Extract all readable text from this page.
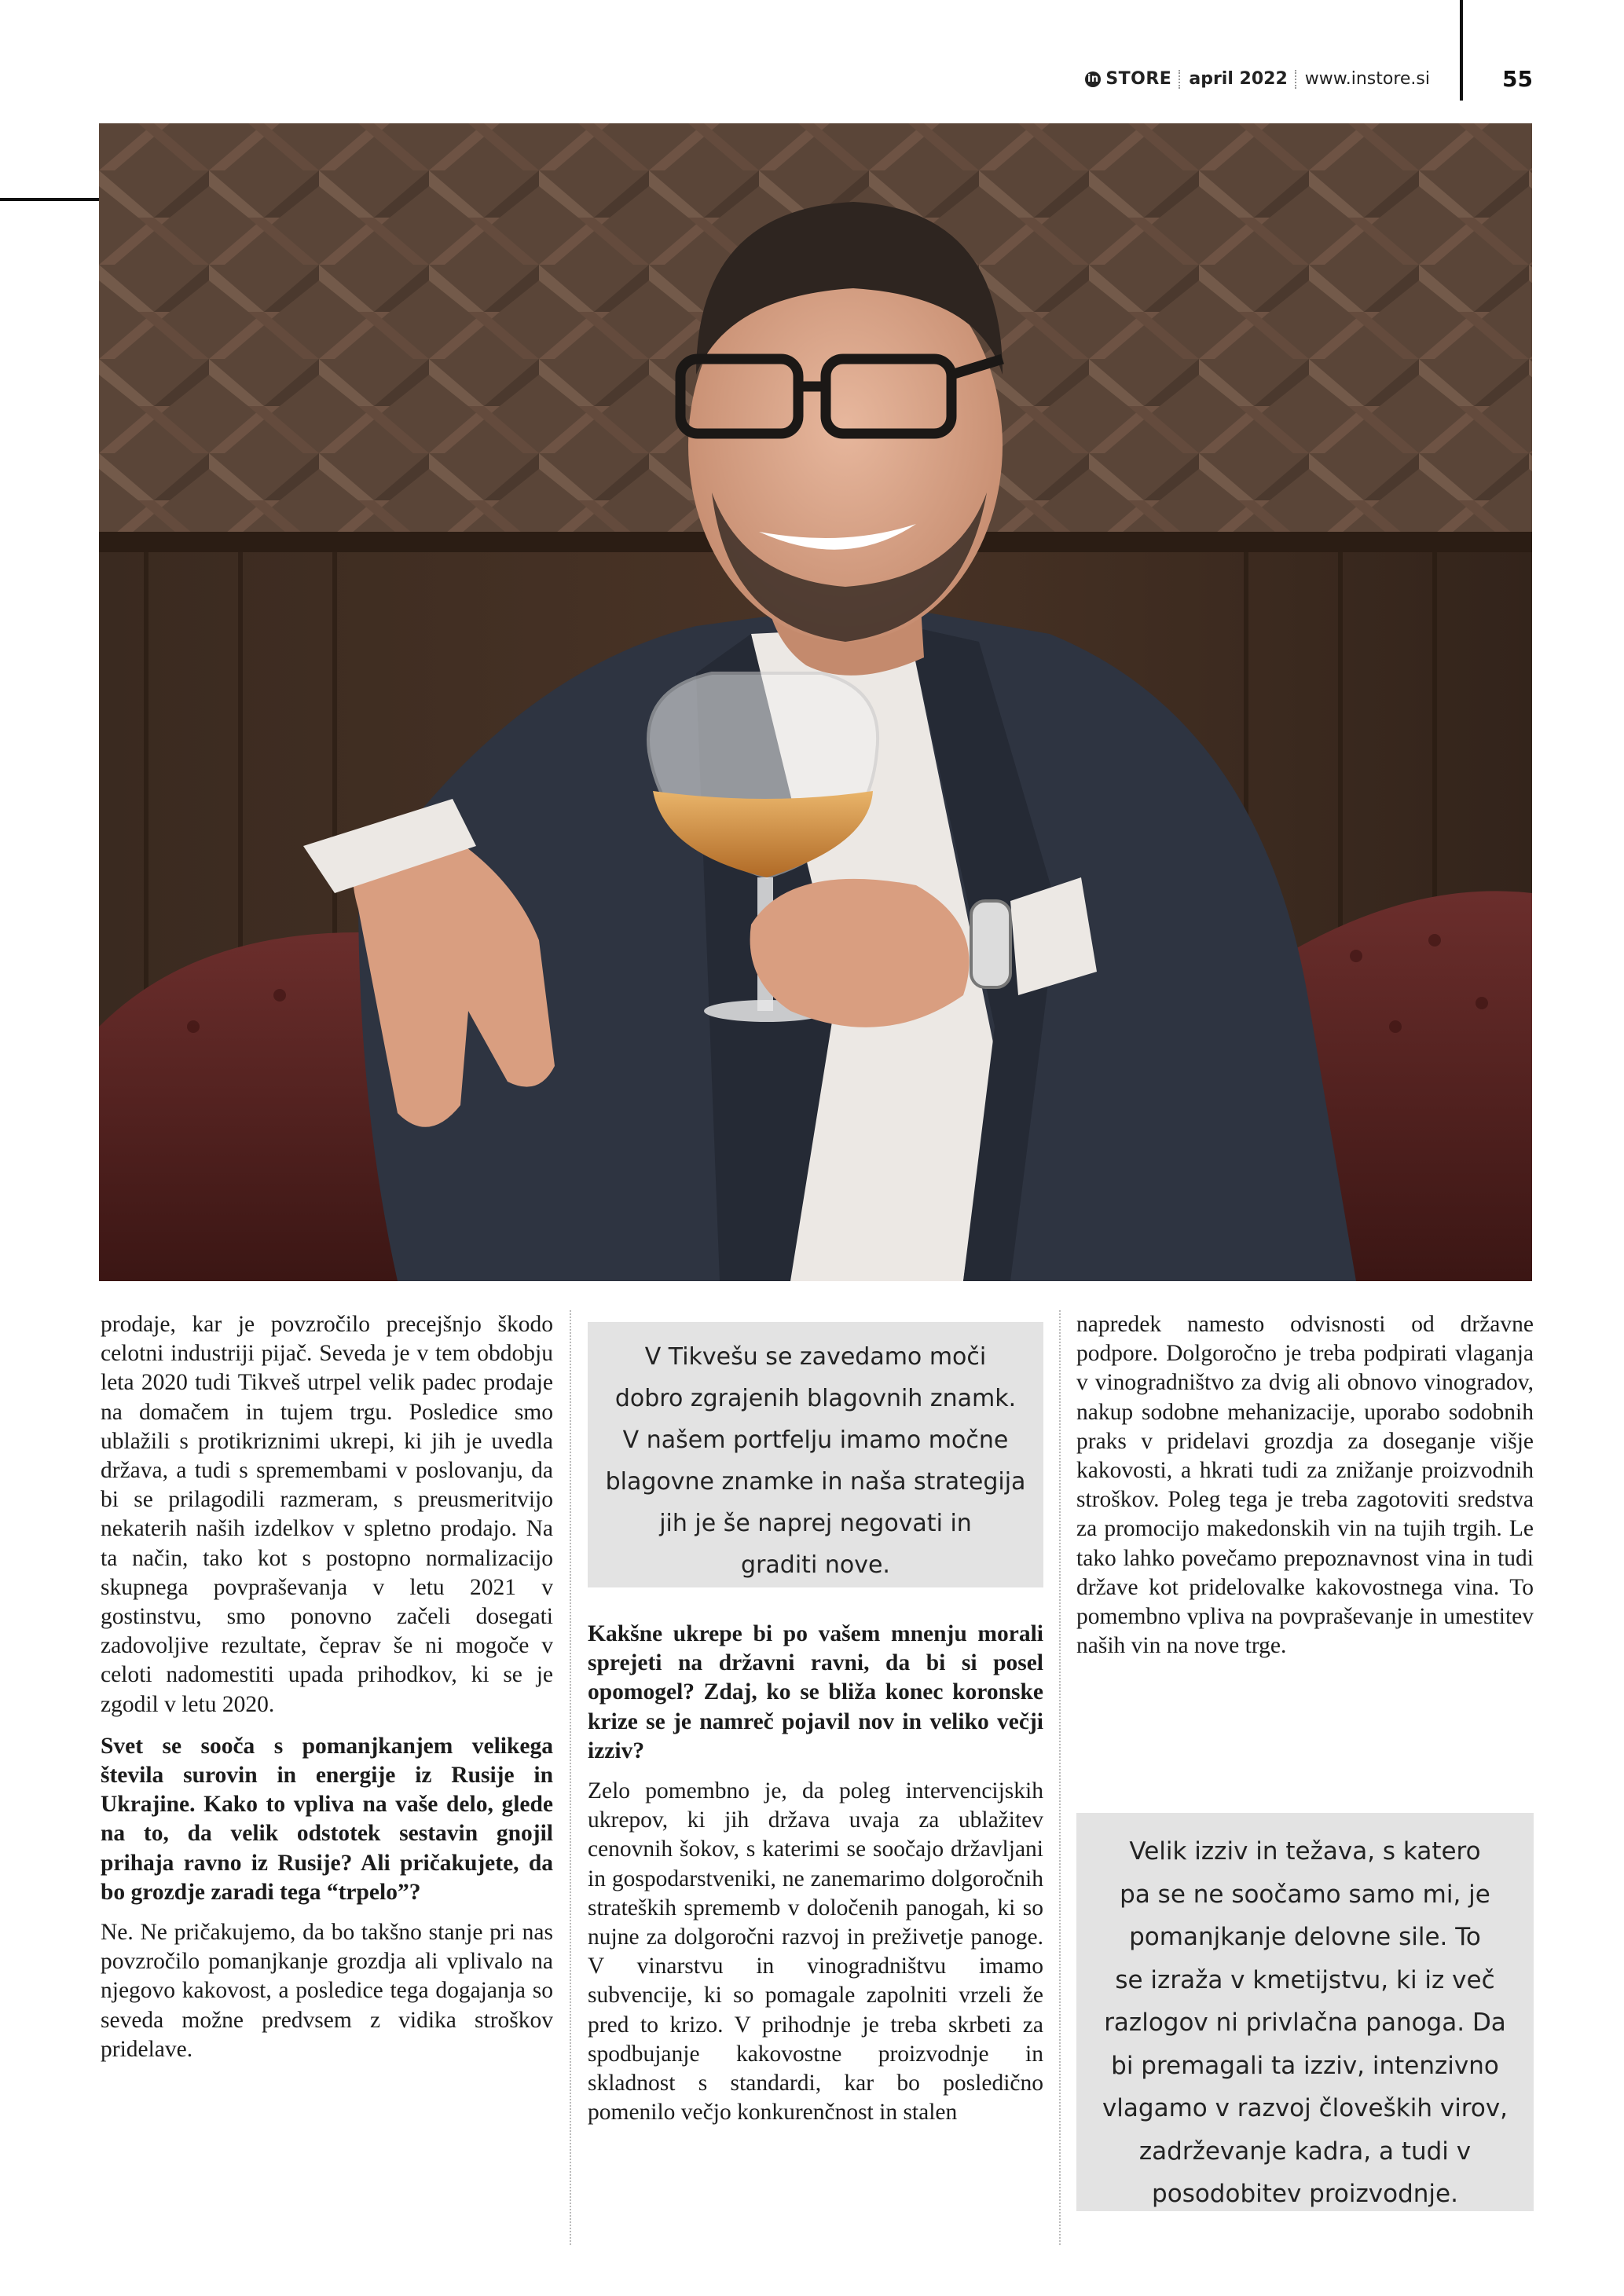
in STORE april 2022 www.instore.si	55

prodaje, kar je povzročilo precejšnjo škodo celotni industriji pijač. Seveda je v tem obdobju leta 2020 tudi Tikveš utrpel velik padec prodaje na domačem in tujem trgu. Posledice smo ublažili s protikriznimi ukrepi, ki jih je uvedla država, a tudi s spremembami v poslovanju, da bi se prilagodili razmeram, s preusmeritvijo nekaterih naših izdelkov v spletno prodajo. Na ta način, tako kot s postopno normalizacijo skupnega povpraševanja v letu 2021 v gostinstvu, smo ponovno začeli dosegati zadovoljive rezultate, čeprav še ni mogoče v celoti nadomestiti upada prihodkov, ki se je zgodil v letu 2020.

Svet se sooča s pomanjkanjem velikega števila surovin in energije iz Rusije in Ukrajine. Kako to vpliva na vaše delo, glede na to, da velik odstotek sestavin gnojil prihaja ravno iz Rusije? Ali pričakujete, da bo grozdje zaradi tega “trpelo”?

Ne. Ne pričakujemo, da bo takšno stanje pri nas povzročilo pomanjkanje grozdja ali vplivalo na njegovo kakovost, a posledice tega dogajanja so seveda možne predvsem z vidika stroškov pridelave.

V Tikvešu se zavedamo moči
dobro zgrajenih blagovnih znamk.
V našem portfelju imamo močne
blagovne znamke in naša strategija
jih je še naprej negovati in
graditi nove.

Kakšne ukrepe bi po vašem mnenju morali sprejeti na državni ravni, da bi si posel opomogel? Zdaj, ko se bliža konec koronske krize se je namreč pojavil nov in veliko večji izziv?

Zelo pomembno je, da poleg intervencijskih ukrepov, ki jih država uvaja za ublažitev cenovnih šokov, s katerimi se soočajo državljani in gospodarstveniki, ne zanemarimo dolgoročnih strateških sprememb v določenih panogah, ki so nujne za dolgoročni razvoj in preživetje panoge. V vinarstvu in vinogradništvu imamo subvencije, ki so pomagale zapolniti vrzeli že pred to krizo. V prihodnje je treba skrbeti za spodbujanje kakovostne proizvodnje in skladnost s standardi, kar bo posledično pomenilo večjo konkurenčnost in stalen

napredek namesto odvisnosti od državne podpore. Dolgoročno je treba podpirati vlaganja v vinogradništvo za dvig ali obnovo vinogradov, nakup sodobne mehanizacije, uporabo sodobnih praks v pridelavi grozdja za doseganje višje kakovosti, a hkrati tudi za znižanje proizvodnih stroškov. Poleg tega je treba zagotoviti sredstva za promocijo makedonskih vin na tujih trgih. Le tako lahko povečamo prepoznavnost vina in tudi države kot pridelovalke kakovostnega vina. To pomembno vpliva na povpraševanje in umestitev naših vin na nove trge.

Velik izziv in težava, s katero
pa se ne soočamo samo mi, je
pomanjkanje delovne sile. To
se izraža v kmetijstvu, ki iz več
razlogov ni privlačna panoga. Da
bi premagali ta izziv, intenzivno
vlagamo v razvoj človeških virov,
zadrževanje kadra, a tudi v
posodobitev proizvodnje.
